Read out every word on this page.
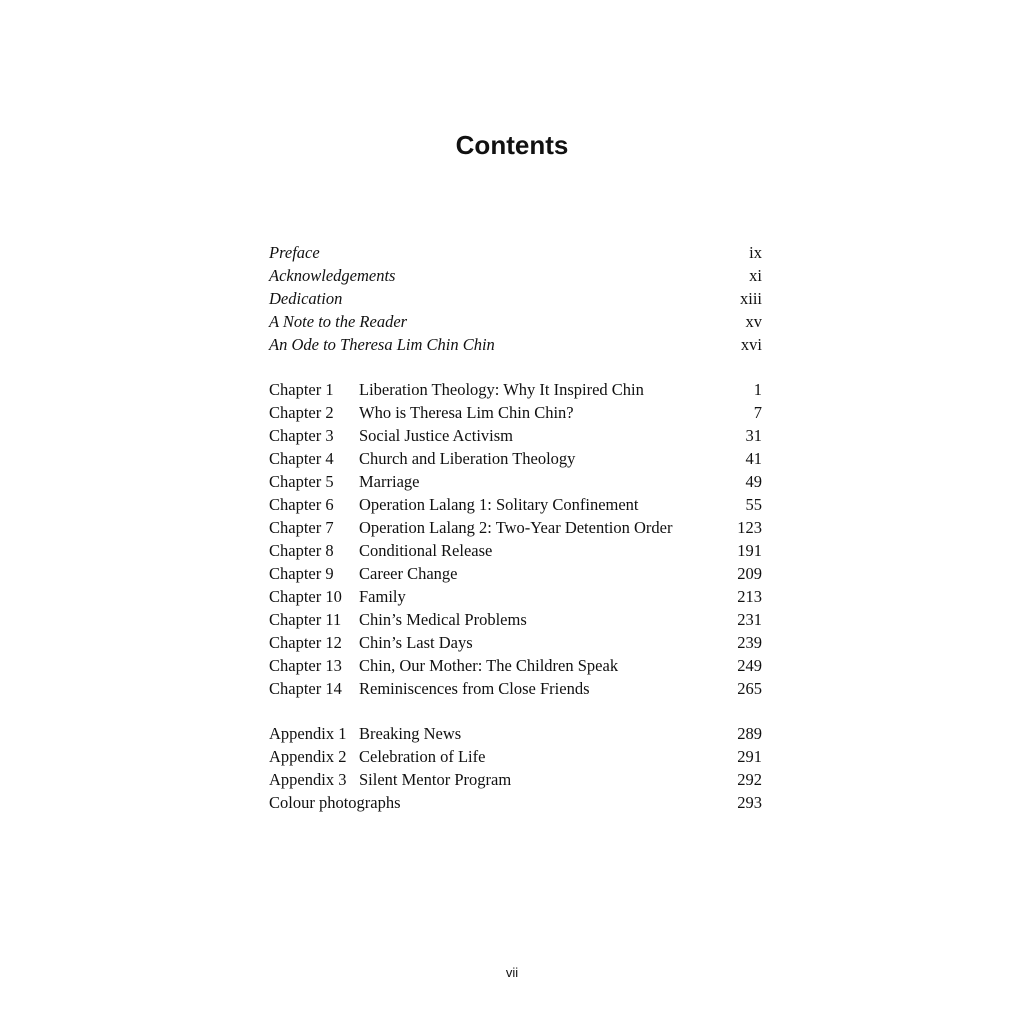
Contents
Preface	ix
Acknowledgements	xi
Dedication	xiii
A Note to the Reader	xv
An Ode to Theresa Lim Chin Chin	xvi
Chapter 1	Liberation Theology: Why It Inspired Chin	1
Chapter 2	Who is Theresa Lim Chin Chin?	7
Chapter 3	Social Justice Activism	31
Chapter 4	Church and Liberation Theology	41
Chapter 5	Marriage	49
Chapter 6	Operation Lalang 1: Solitary Confinement	55
Chapter 7	Operation Lalang 2: Two-Year Detention Order	123
Chapter 8	Conditional Release	191
Chapter 9	Career Change	209
Chapter 10	Family	213
Chapter 11	Chin’s Medical Problems	231
Chapter 12	Chin’s Last Days	239
Chapter 13	Chin, Our Mother: The Children Speak	249
Chapter 14	Reminiscences from Close Friends	265
Appendix 1 Breaking News	289
Appendix 2 Celebration of Life	291
Appendix 3 Silent Mentor Program	292
Colour photographs	293
vii
